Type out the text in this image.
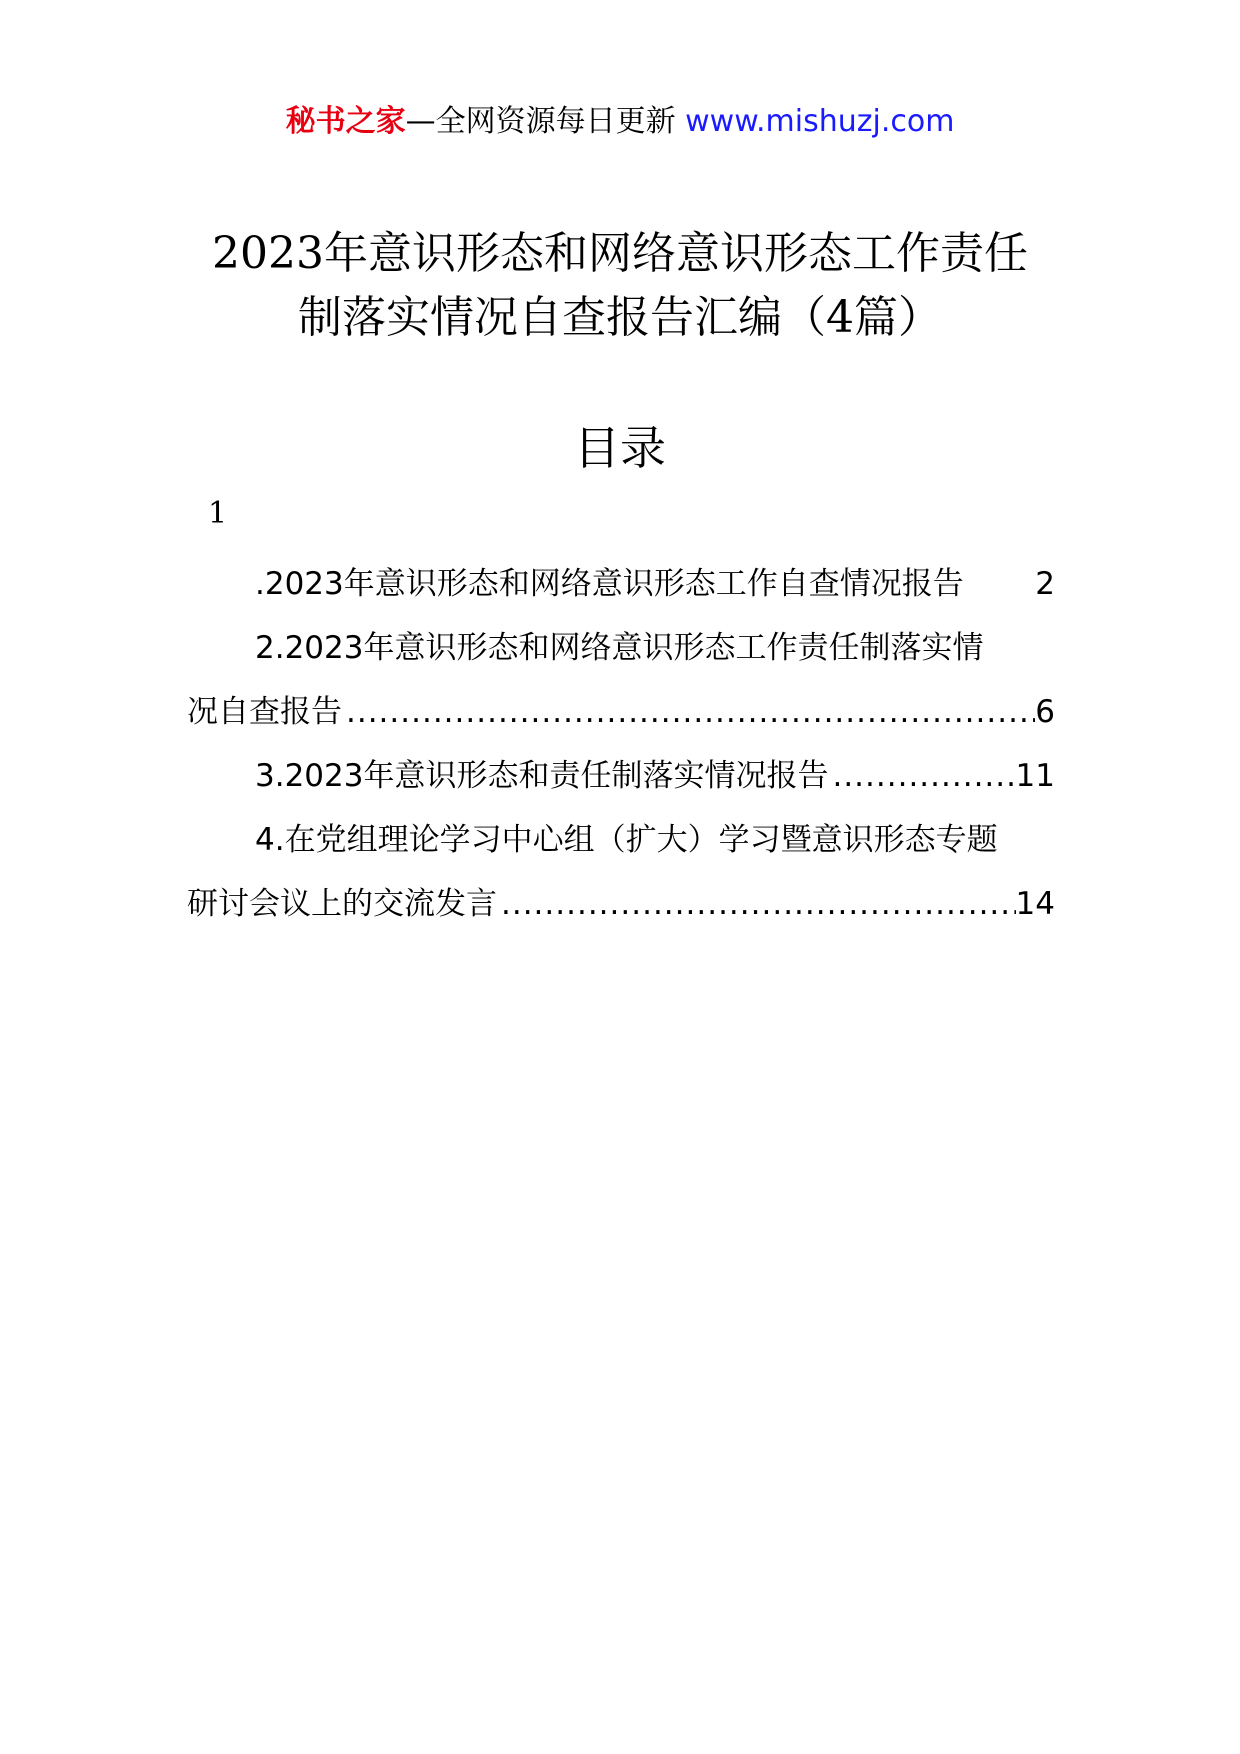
秘书之家—全网资源每日更新 www.mishuzj.com
2023年意识形态和网络意识形态工作责任
制落实情况自查报告汇编（4篇）
目录
1
.2023年意识形态和网络意识形态工作自查情况报告 2
2.2023年意识形态和网络意识形态工作责任制落实情
况自查报告 .....	6
3.2023年意识形态和责任制落实情况报告 .....	11
4.在党组理论学习中心组（扩大）学习暨意识形态专题
研讨会议上的交流发言 .....	14
